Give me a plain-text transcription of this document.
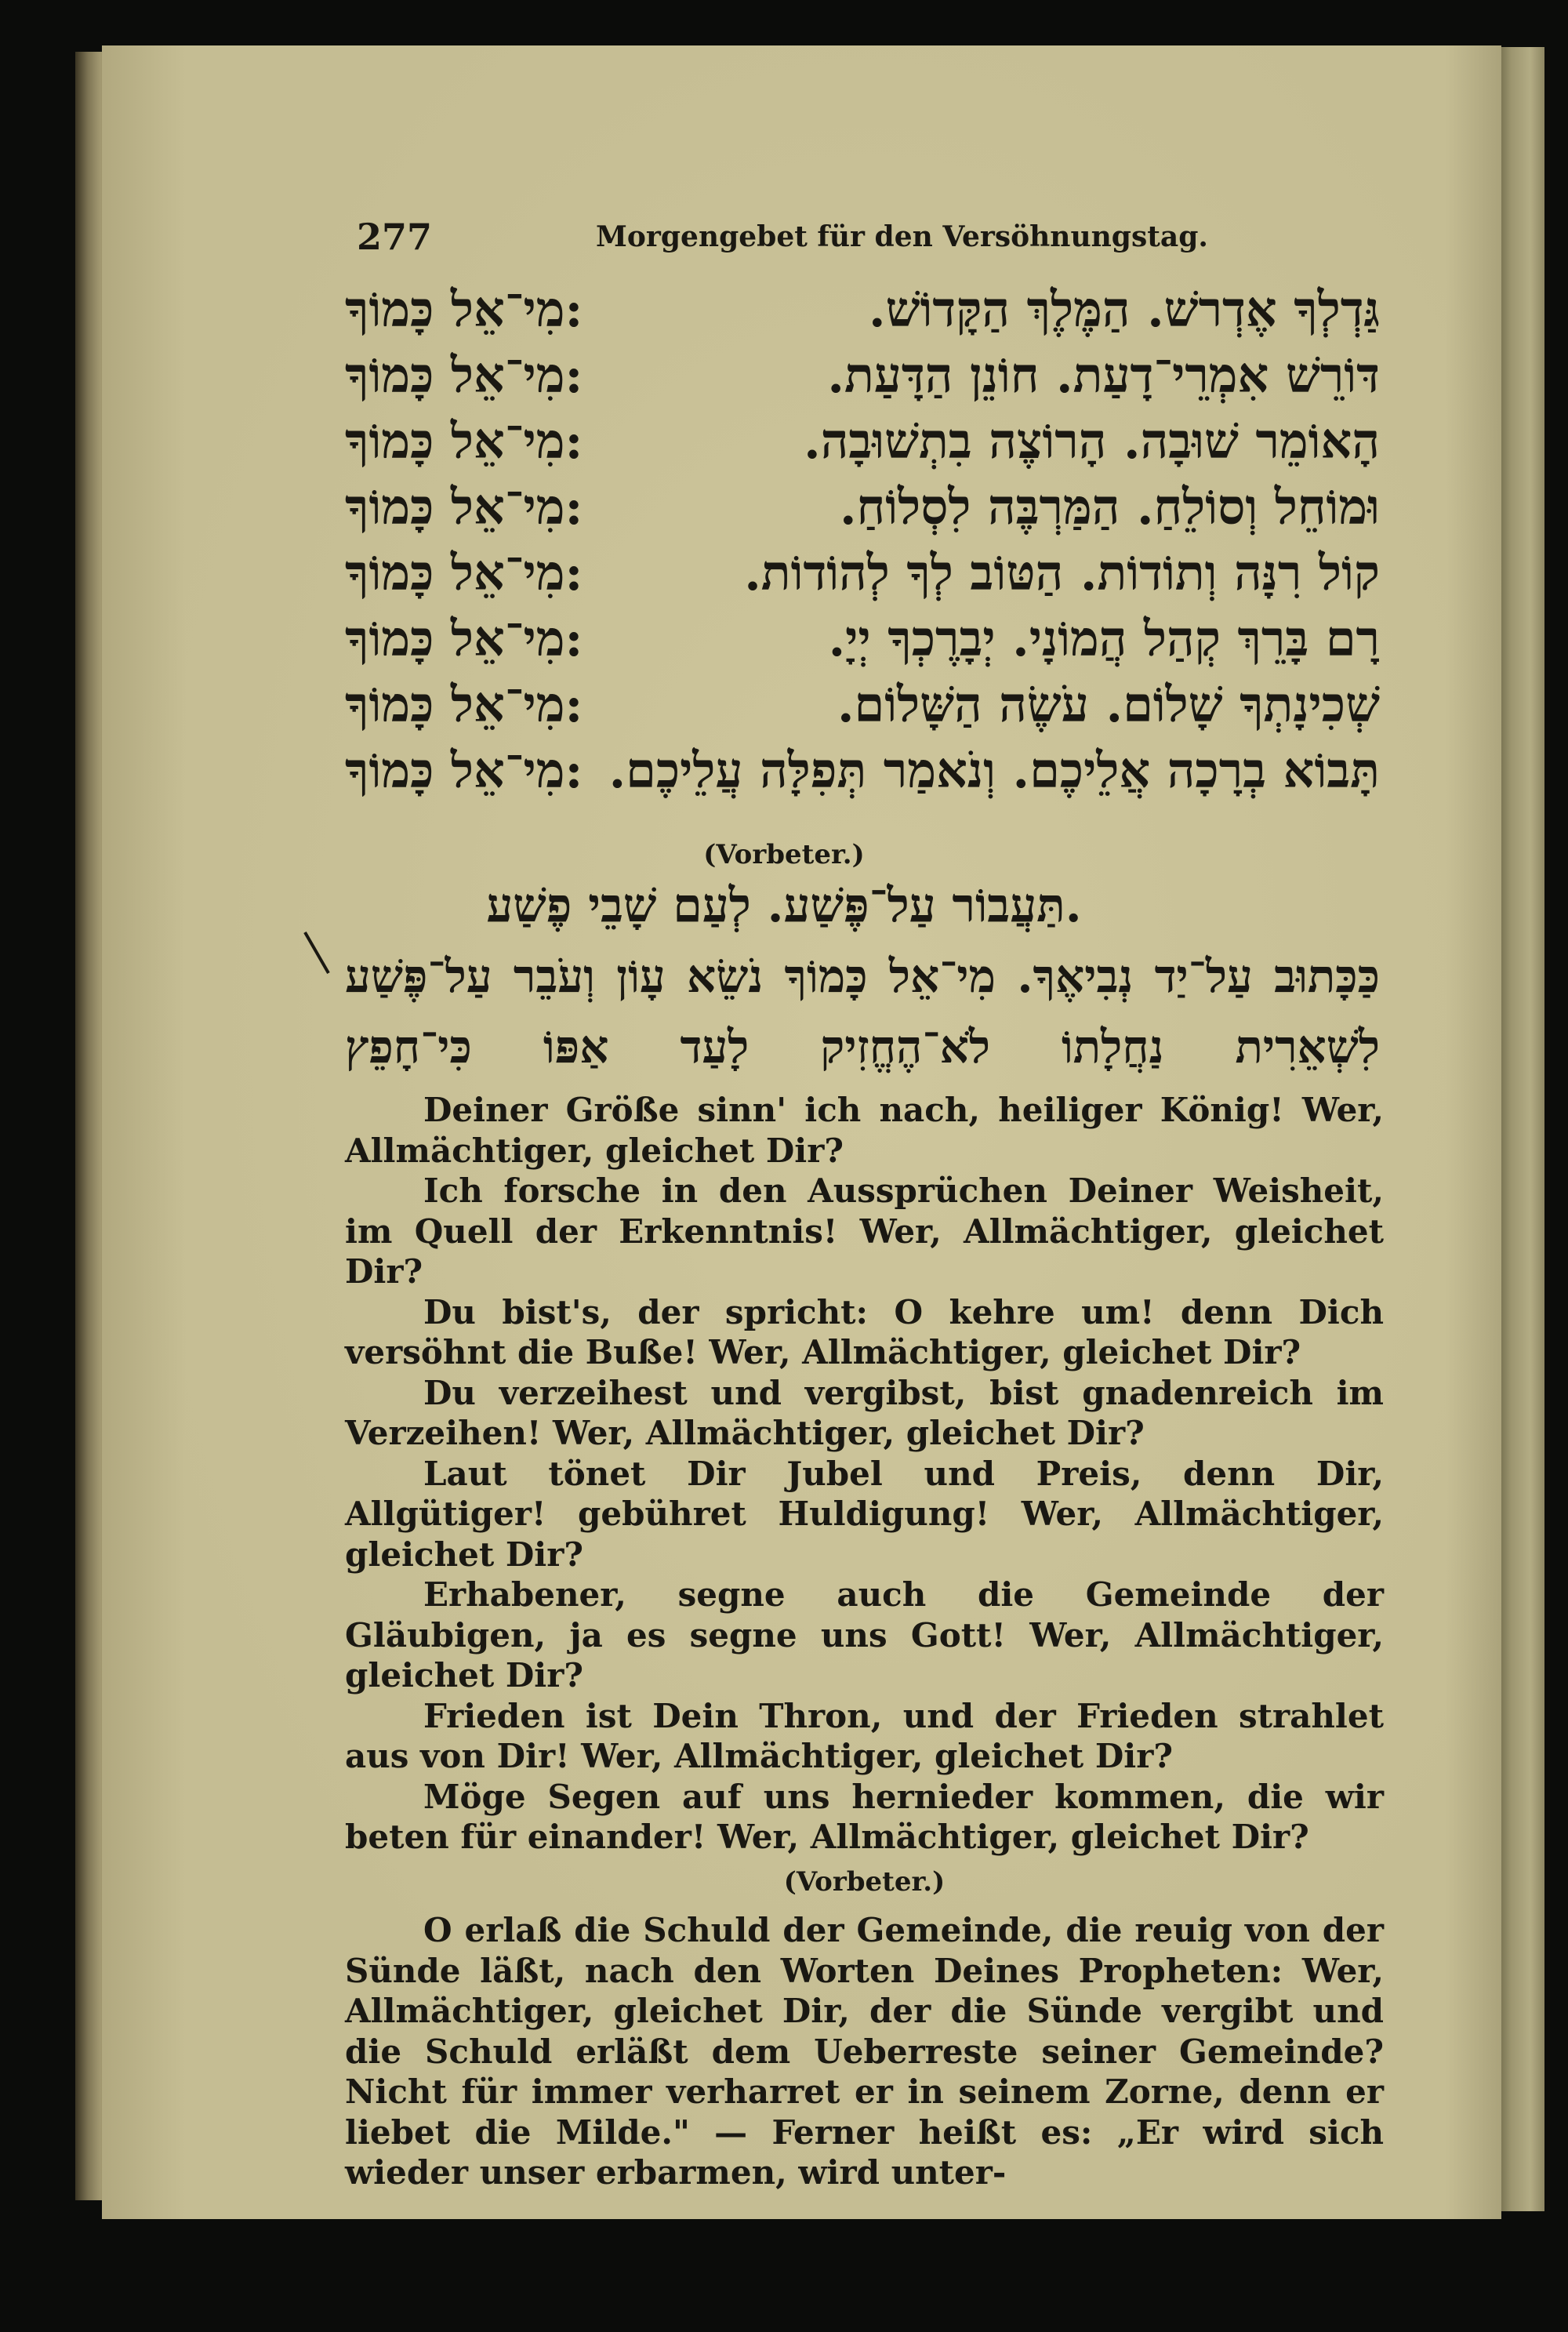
277	Morgengebet für den Versöhnungstag.
גַּדְלְךָ אֶדְרשׁ. הַמֶּלֶךְ הַקָּדוֹשׁ.
:מִי־אֵל כָּמוֹךָ
דּוֹרֵשׁ אִמְרֵי־דָעַת. חוֹנֵן הַדָּעַת.
:מִי־אֵל כָּמוֹךָ
הָאוֹמֵר שׁוּבָה. הָרוֹצֶה בִתְשׁוּבָה.
:מִי־אֵל כָּמוֹךָ
וּמוֹחֵל וְסוֹלֵחַ. הַמַּרְבֶּה לִסְלוֹחַ.
:מִי־אֵל כָּמוֹךָ
קוֹל רִנָּה וְתוֹדוֹת. הַטּוֹב לְךָ לְהוֹדוֹת.
:מִי־אֵל כָּמוֹךָ
רָם בָּרֵךְ קְהַל הֲמוֹנָי. יְבָרֶכְךָ יְיָ.
:מִי־אֵל כָּמוֹךָ
שְׁכִינָתְךָ שָׁלוֹם. עֹשֶׂה הַשָּׁלוֹם.
:מִי־אֵל כָּמוֹךָ
תָּבוֹא בְרָכָה אֲלֵיכֶם. וְנֹאמַר תְּפִלָּה עֲלֵיכֶם.
:מִי־אֵל כָּמוֹךָ
(Vorbeter.)
.תַּעֲבוֹר עַל־פֶּשַׁע. לְעַם שָׁבֵי פֶשַׁע
כַּכָּתוּב עַל־יַד נְבִיאֶךָ. מִי־אֵל כָּמוֹךָ נֹשֵׂא עָוֹן וְעֹבֵר עַל־פֶּשַׁע לִשְׁאֵרִית נַחֲלָתוֹ לֹא־הֶחֱזִיק לָעַד אַפּוֹ כִּי־חָפֵץ

Deiner Größe sinn' ich nach, heiliger König! Wer, Allmächtiger, gleichet Dir?

Ich forsche in den Aussprüchen Deiner Weisheit, im Quell der Erkenntnis! Wer, Allmächtiger, gleichet Dir?

Du bist's, der spricht: O kehre um! denn Dich versöhnt die Buße! Wer, Allmächtiger, gleichet Dir?

Du verzeihest und vergibst, bist gnadenreich im Verzeihen! Wer, Allmächtiger, gleichet Dir?

Laut tönet Dir Jubel und Preis, denn Dir, Allgütiger! gebühret Huldigung! Wer, Allmächtiger, gleichet Dir?

Erhabener, segne auch die Gemeinde der Gläubigen, ja es segne uns Gott! Wer, Allmächtiger, gleichet Dir?

Frieden ist Dein Thron, und der Frieden strahlet aus von Dir! Wer, Allmächtiger, gleichet Dir?

Möge Segen auf uns hernieder kommen, die wir beten für einander! Wer, Allmächtiger, gleichet Dir?

(Vorbeter.)

O erlaß die Schuld der Gemeinde, die reuig von der Sünde läßt, nach den Worten Deines Propheten: Wer, Allmächtiger, gleichet Dir, der die Sünde vergibt und die Schuld erläßt dem Ueberreste seiner Gemeinde? Nicht für immer verharret er in seinem Zorne, denn er liebet die Milde." — Ferner heißt es: „Er wird sich wieder unser erbarmen, wird unter-
